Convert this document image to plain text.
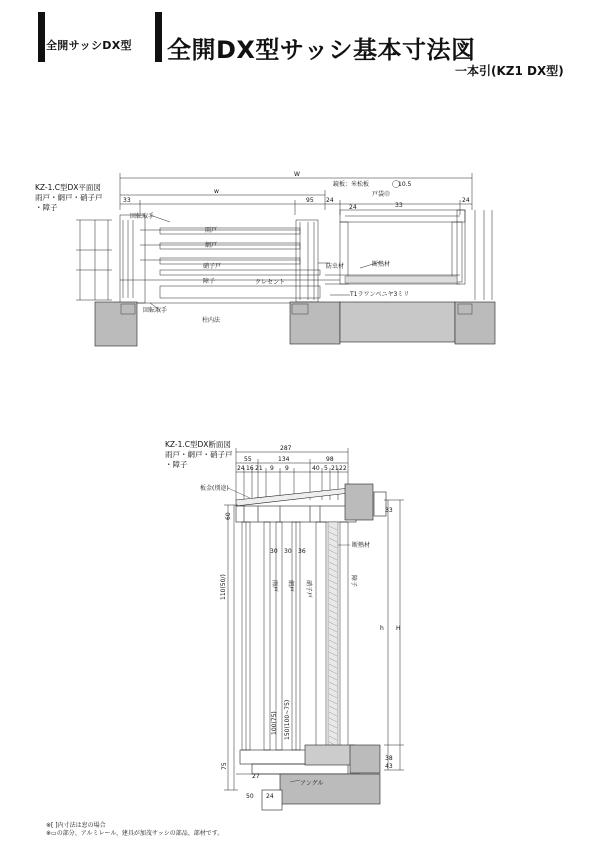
全開サッシDX型 全開DX型サッシ基本寸法図
一本引(KZ1 DX型)
KZ-1.C型DX平面図
雨戸・網戸・硝子戸
・障子
W
w
33	95 24
24
鏡板：米松板	10.5
戸袋巾
33
24
回転取手
雨戸
網戸
硝子戸
障子	クレセント
回転取手
防虫材	断熱材
T1ラワンベニヤ3ミリ
柱内法
KZ-1.C型DX断面図
雨戸・網戸・硝子戸
・障子
287
55	134	98
24 16 21 9 9	40 5 21 22
板金(別途)
断熱材
アングル
h H
33
38
43
雨戸 網戸 硝子戸	障子
110(50/)
100(75) 150(100~75)
30 30 36
60
75
24
27
50
※[ ]内寸法は窓の場合
※▭の部分、アルミレール、建具が加茂サッシの部品、部材です。
